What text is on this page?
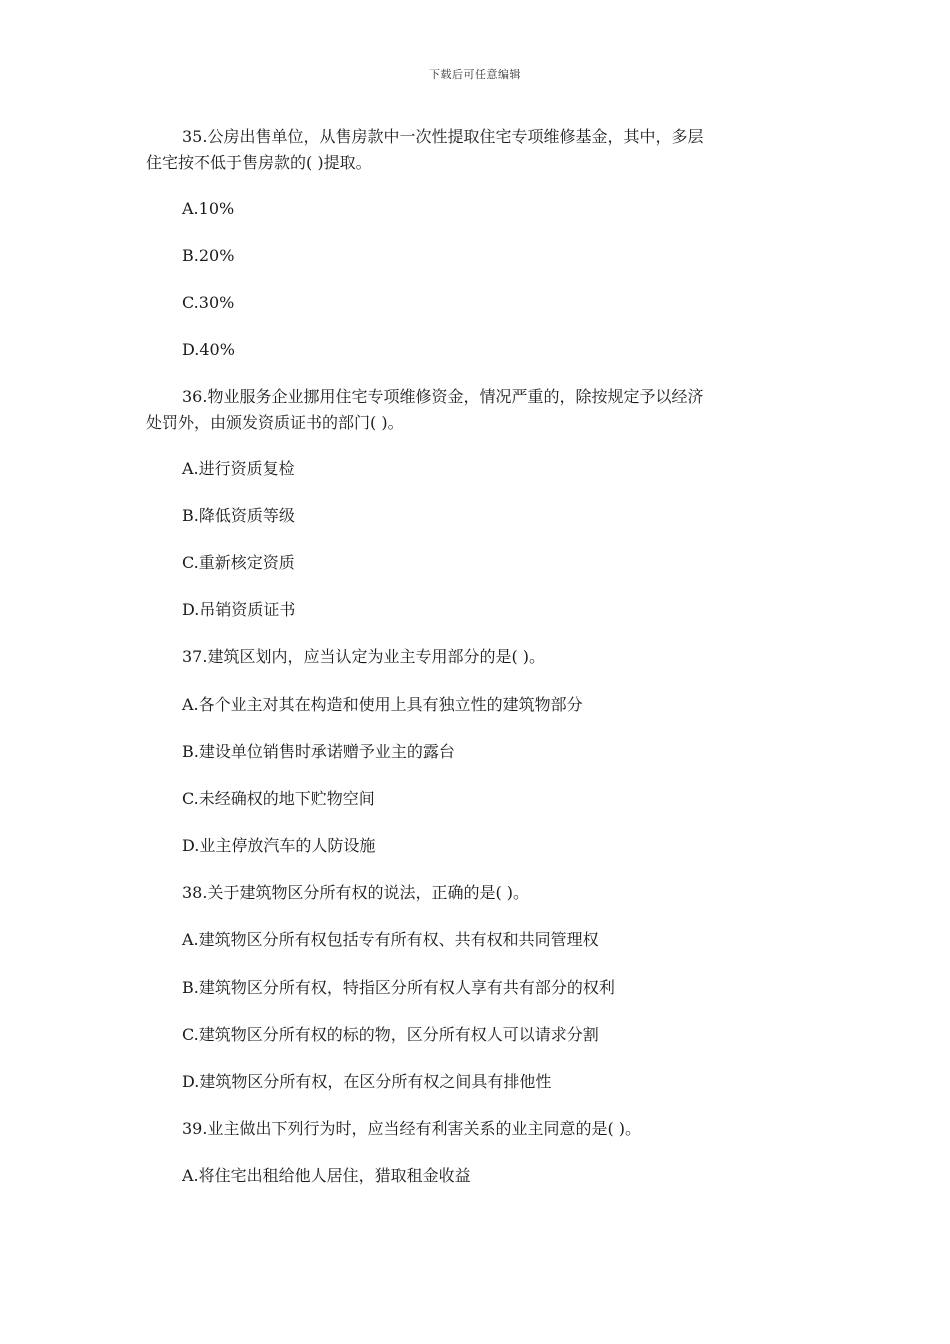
下载后可任意编辑
35.公房出售单位，从售房款中一次性提取住宅专项维修基金，其中，多层
住宅按不低于售房款的( )提取。
A.10%
B.20%
C.30%
D.40%
36.物业服务企业挪用住宅专项维修资金，情况严重的，除按规定予以经济
处罚外，由颁发资质证书的部门( )。
A.进行资质复检
B.降低资质等级
C.重新核定资质
D.吊销资质证书
37.建筑区划内，应当认定为业主专用部分的是( )。
A.各个业主对其在构造和使用上具有独立性的建筑物部分
B.建设单位销售时承诺赠予业主的露台
C.未经确权的地下贮物空间
D.业主停放汽车的人防设施
38.关于建筑物区分所有权的说法，正确的是( )。
A.建筑物区分所有权包括专有所有权、共有权和共同管理权
B.建筑物区分所有权，特指区分所有权人享有共有部分的权利
C.建筑物区分所有权的标的物，区分所有权人可以请求分割
D.建筑物区分所有权，在区分所有权之间具有排他性
39.业主做出下列行为时，应当经有利害关系的业主同意的是( )。
A.将住宅出租给他人居住，猎取租金收益
